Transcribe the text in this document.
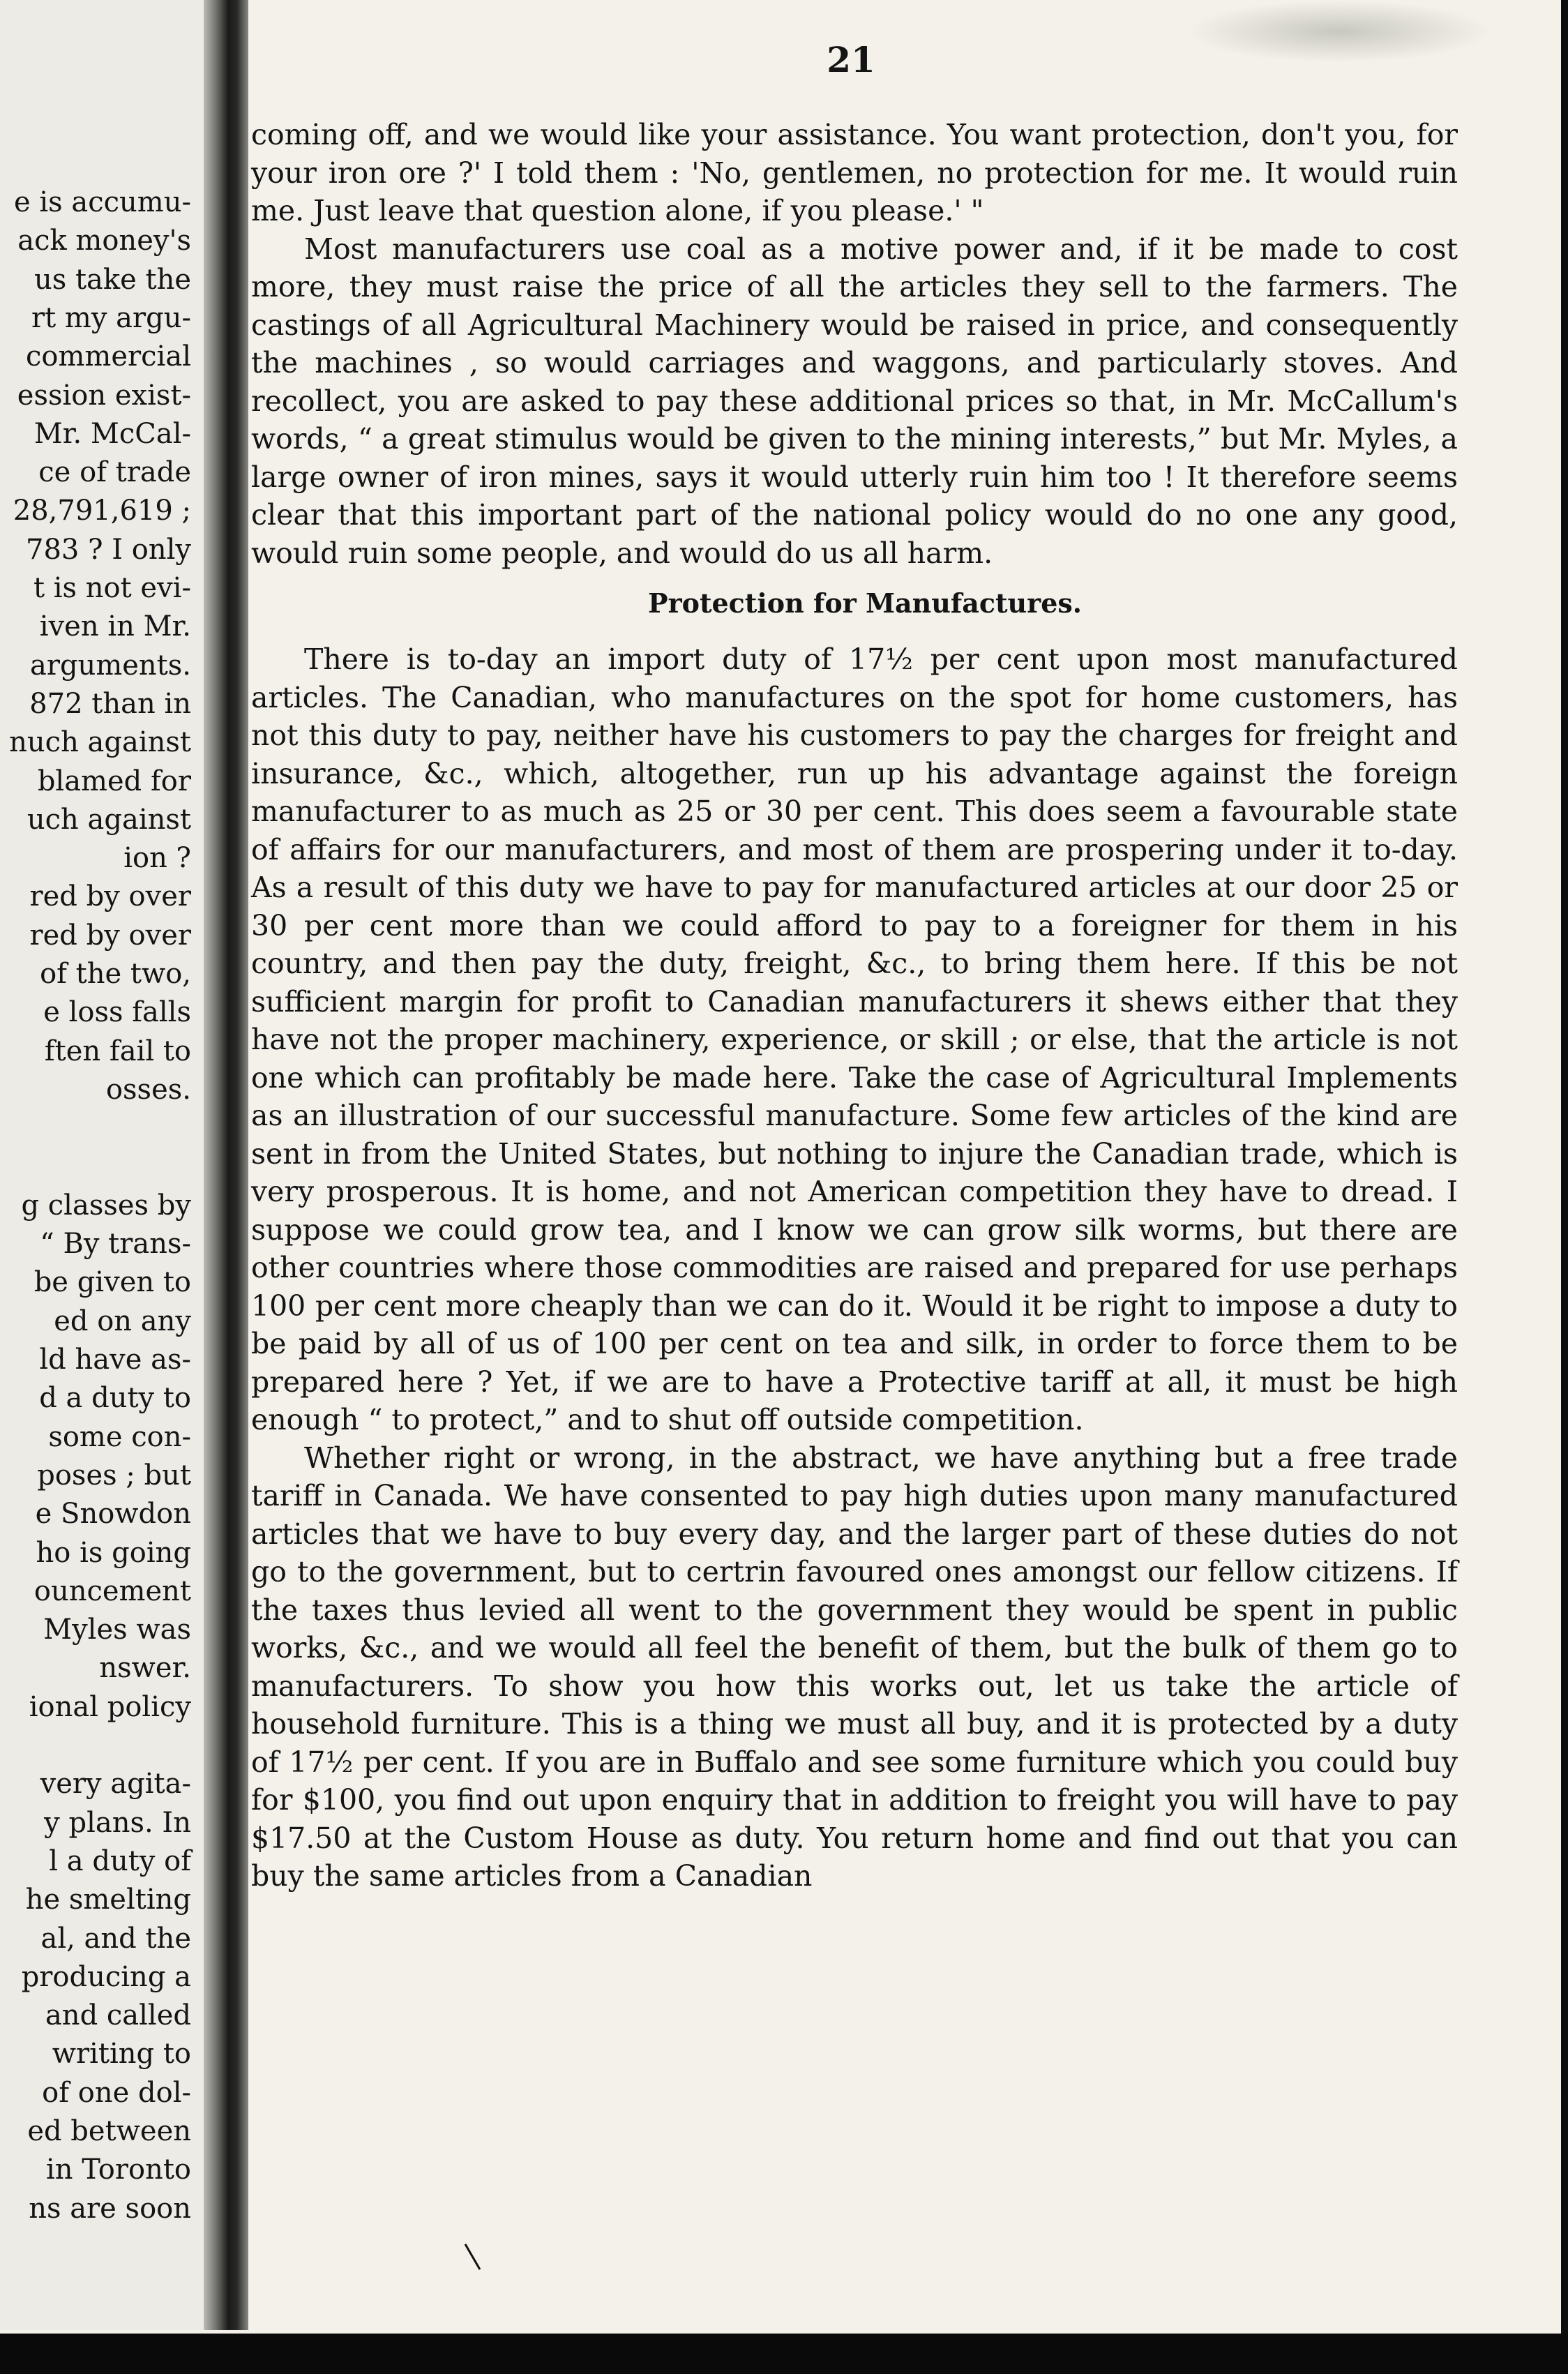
e is accumu-
ack money's
us take the
rt my argu-
commercial
ession exist-
Mr. McCal-
ce of trade
28,791,619 ;
783 ? I only
t is not evi-
iven in Mr.
arguments.
872 than in
nuch against
blamed for
uch against
ion ?
red by over
red by over
of the two,
e loss falls
ften fail to
osses.
g classes by
“ By trans-
be given to
ed on any
ld have as-
d a duty to
some con-
poses ; but
e Snowdon
ho is going
ouncement
Myles was
nswer.
ional policy
very agita-
y plans. In
l a duty of
he smelting
al, and the
producing a
and called
writing to
of one dol-
ed between
in Toronto
ns are soon
21

coming off, and we would like your assistance. You want protection, don't you, for your iron ore ?' I told them : 'No, gentlemen, no protection for me. It would ruin me. Just leave that question alone, if you please.' "

Most manufacturers use coal as a motive power and, if it be made to cost more, they must raise the price of all the articles they sell to the farmers. The castings of all Agricultural Machinery would be raised in price, and consequently the machines , so would carriages and waggons, and particularly stoves. And recollect, you are asked to pay these additional prices so that, in Mr. McCallum's words, “ a great stimulus would be given to the mining interests,” but Mr. Myles, a large owner of iron mines, says it would utterly ruin him too ! It therefore seems clear that this important part of the national policy would do no one any good, would ruin some people, and would do us all harm.

Protection for Manufactures.

There is to-day an import duty of 17½ per cent upon most manufactured articles. The Canadian, who manufactures on the spot for home customers, has not this duty to pay, neither have his customers to pay the charges for freight and insurance, &c., which, altogether, run up his advantage against the foreign manufacturer to as much as 25 or 30 per cent. This does seem a favourable state of affairs for our manufacturers, and most of them are prospering under it to-day. As a result of this duty we have to pay for manufactured articles at our door 25 or 30 per cent more than we could afford to pay to a foreigner for them in his country, and then pay the duty, freight, &c., to bring them here. If this be not sufficient margin for profit to Canadian manufacturers it shews either that they have not the proper machinery, experience, or skill ; or else, that the article is not one which can profitably be made here. Take the case of Agricultural Implements as an illustration of our successful manufacture. Some few articles of the kind are sent in from the United States, but nothing to injure the Canadian trade, which is very prosperous. It is home, and not American competition they have to dread. I suppose we could grow tea, and I know we can grow silk worms, but there are other countries where those commodities are raised and prepared for use perhaps 100 per cent more cheaply than we can do it. Would it be right to impose a duty to be paid by all of us of 100 per cent on tea and silk, in order to force them to be prepared here ? Yet, if we are to have a Protective tariff at all, it must be high enough “ to protect,” and to shut off outside competition.

Whether right or wrong, in the abstract, we have anything but a free trade tariff in Canada. We have consented to pay high duties upon many manufactured articles that we have to buy every day, and the larger part of these duties do not go to the government, but to certrin favoured ones amongst our fellow citizens. If the taxes thus levied all went to the government they would be spent in public works, &c., and we would all feel the benefit of them, but the bulk of them go to manufacturers. To show you how this works out, let us take the article of household furniture. This is a thing we must all buy, and it is protected by a duty of 17½ per cent. If you are in Buffalo and see some furniture which you could buy for $100, you find out upon enquiry that in addition to freight you will have to pay $17.50 at the Custom House as duty. You return home and find out that you can buy the same articles from a Canadian
